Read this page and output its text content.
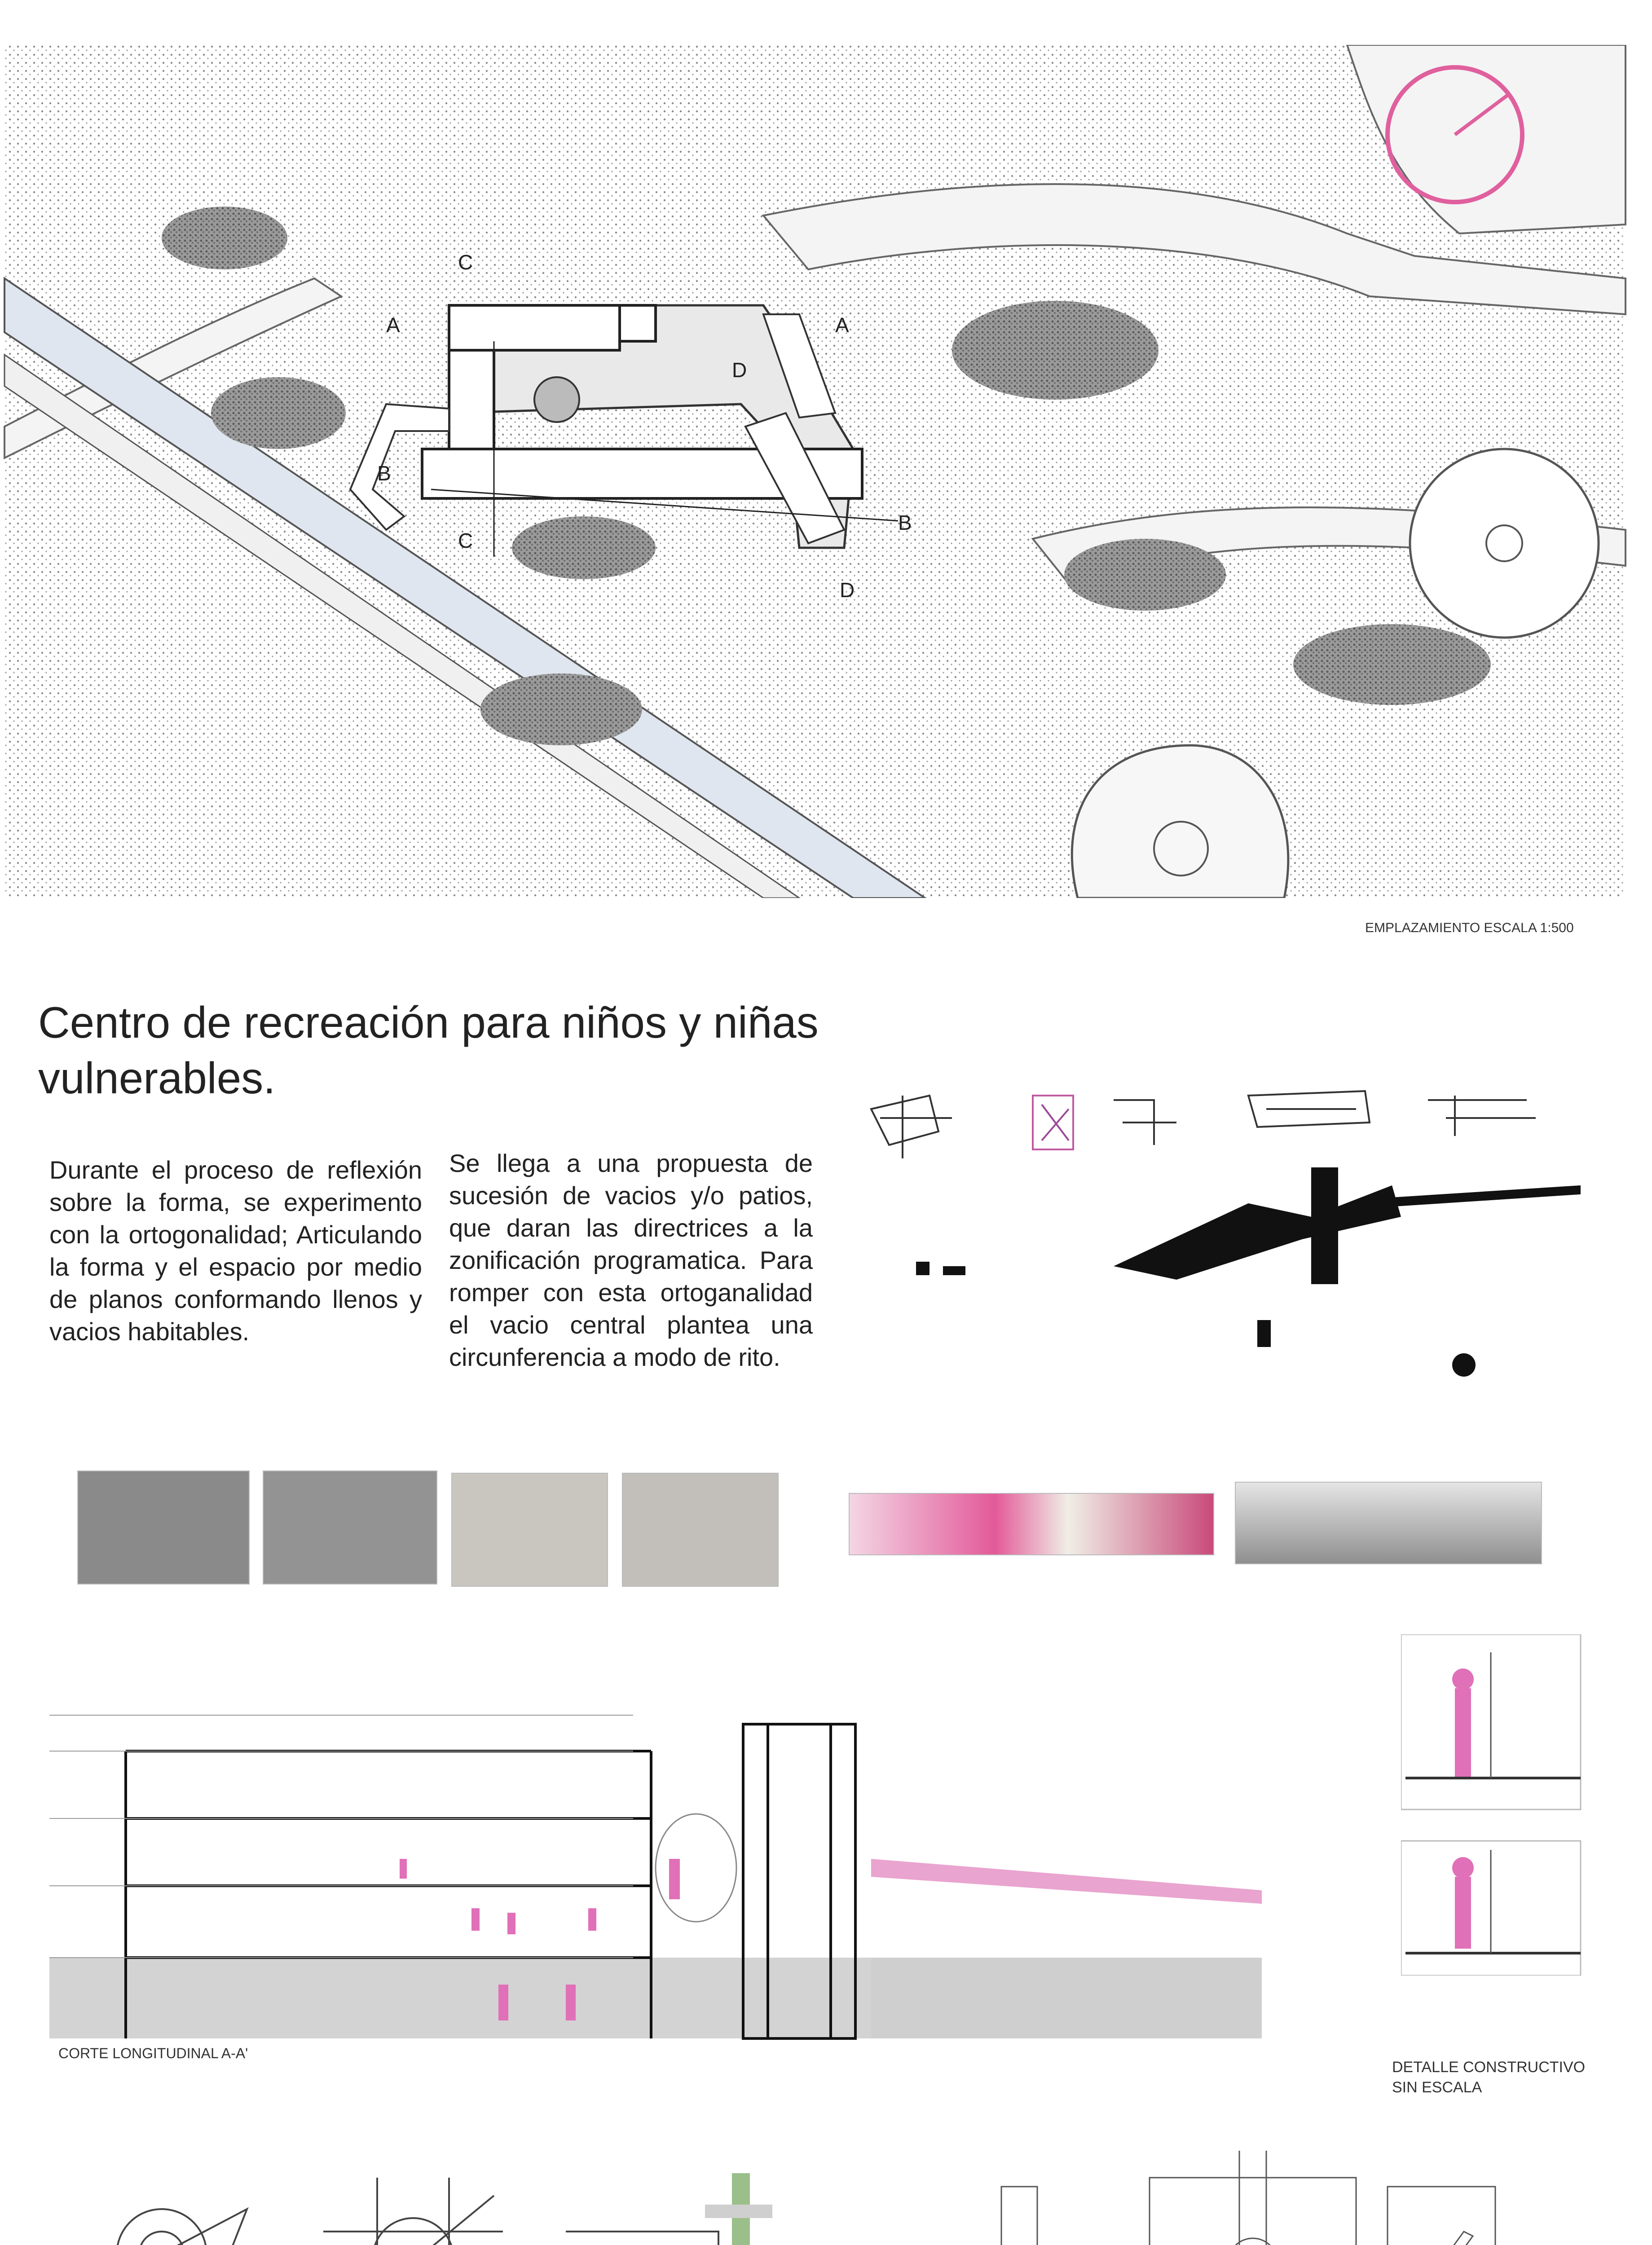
C
C
A	A
B
B
D
D
EMPLAZAMIENTO ESCALA 1:500
Centro de recreación para niños y niñas vulnerables.
Durante el proceso de reflexión sobre la forma, se experimento con la ortogonalidad; Articulando la forma y el espacio por medio de planos conformando llenos y vacios habitables.
Se llega a una propuesta de sucesión de vacios y/o patios, que daran las directrices a la zonificación programatica. Para romper con esta ortoganalidad el vacio central plantea una circunferencia a modo de rito.
CORTE LONGITUDINAL A-A'
DETALLE CONSTRUCTIVO
SIN ESCALA
